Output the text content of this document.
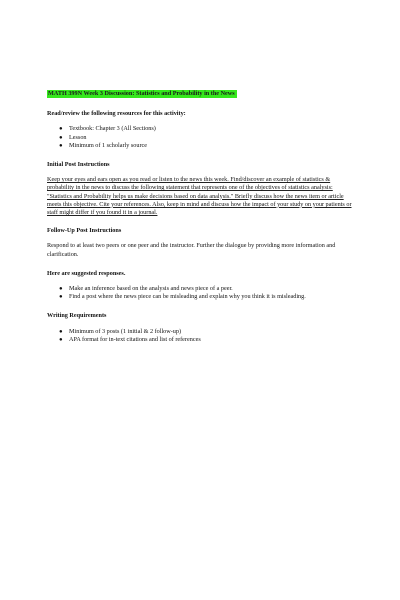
MATH 399N Week 3 Discussion: Statistics and Probability in the News
Read/review the following resources for this activity:
● Textbook: Chapter 3 (All Sections)
● Lesson
● Minimum of 1 scholarly source
Initial Post Instructions

Keep your eyes and ears open as you read or listen to the news this week. Find/discover an example of statistics & probability in the news to discuss the following statement that represents one of the objectives of statistics analysis: "Statistics and Probability helps us make decisions based on data analysis." Briefly discuss how the news item or article meets this objective. Cite your references. Also, keep in mind and discuss how the impact of your study on your patients or staff might differ if you found it in a journal.

Follow-Up Post Instructions

Respond to at least two peers or one peer and the instructor. Further the dialogue by providing more information and clarification.

Here are suggested responses.
● Make an inference based on the analysis and news piece of a peer.
● Find a post where the news piece can be misleading and explain why you think it is misleading.
Writing Requirements
● Minimum of 3 posts (1 initial & 2 follow-up)
● APA format for in-text citations and list of references
